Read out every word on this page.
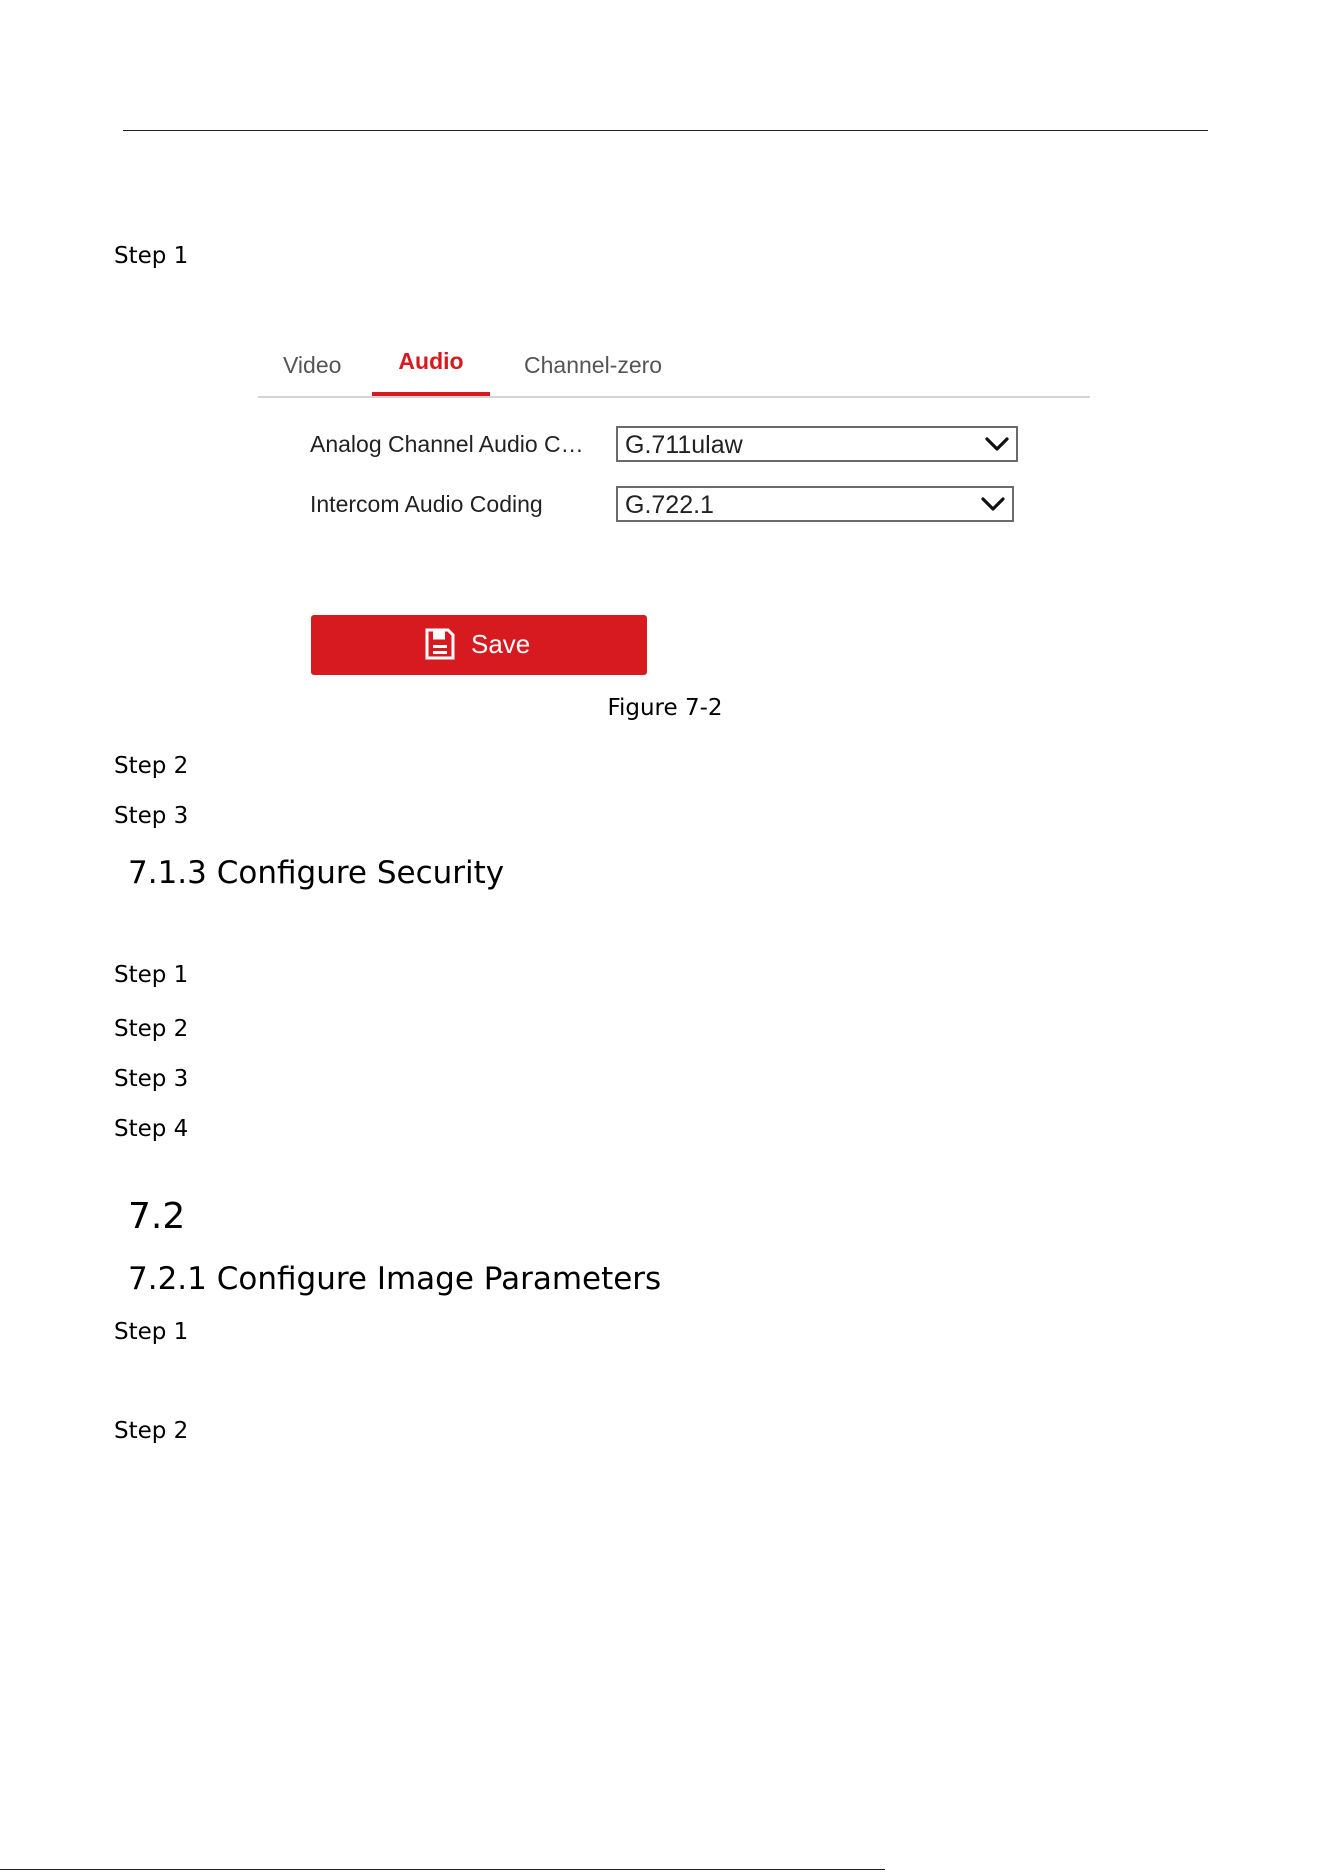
Step 1
Video	Audio	Channel-zero
Analog Channel Audio C… G.711ulaw
Intercom Audio Coding	G.722.1
Save
Figure 7-2
Step 2
Step 3
7.1.3 Configure Security
Step 1
Step 2
Step 3
Step 4
7.2
7.2.1 Configure Image Parameters
Step 1
Step 2
